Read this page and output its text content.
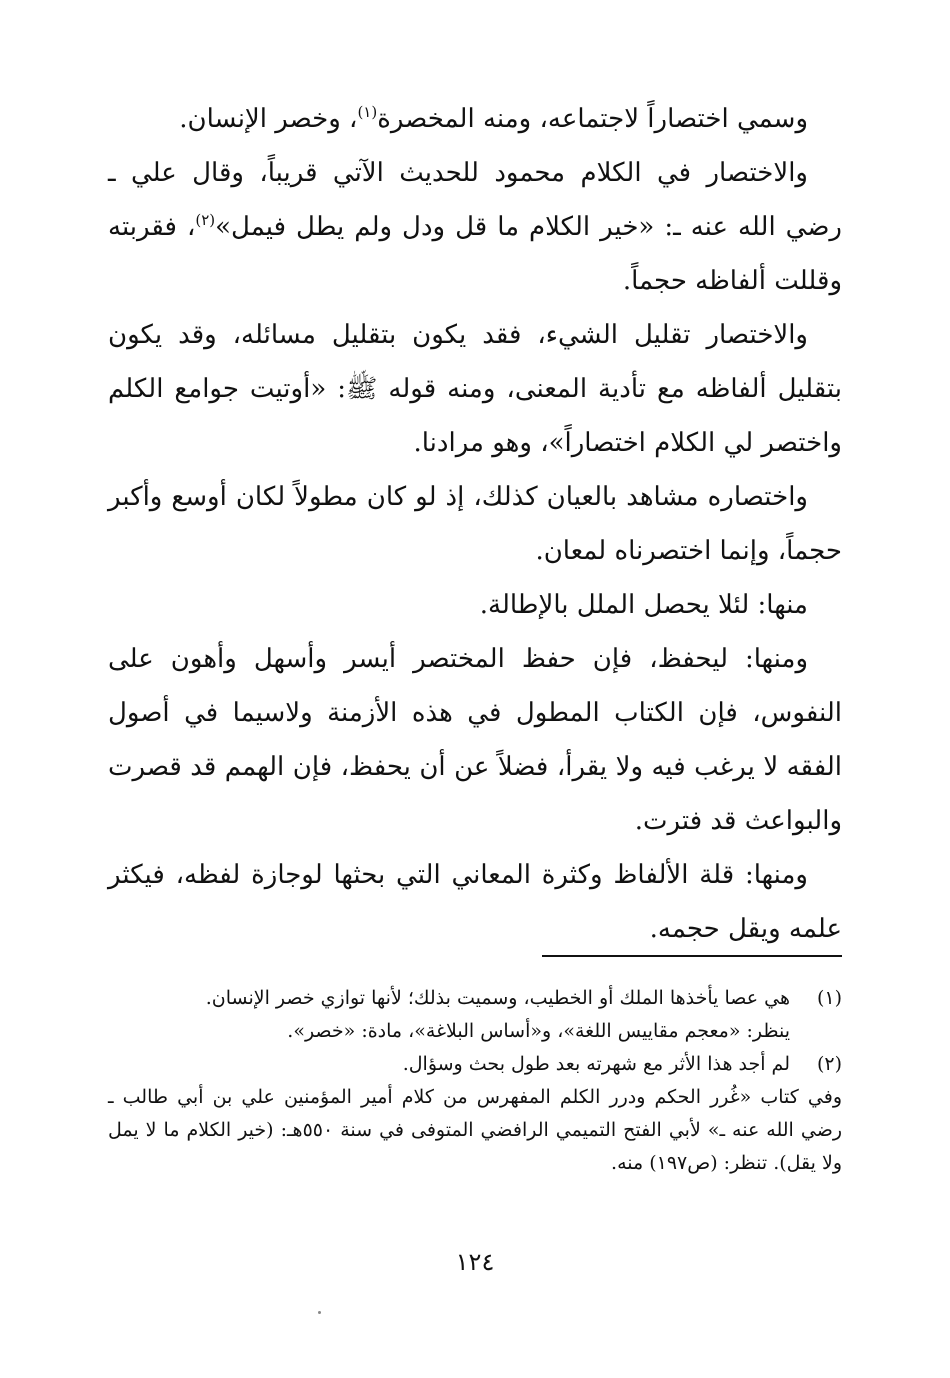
وسمي اختصاراً لاجتماعه، ومنه المخصرة$^{(١)}$، وخصر الإنسان.

والاختصار في الكلام محمود للحديث الآتي قريباً، وقال علي ـ رضي الله عنه ـ: «خير الكلام ما قل ودل ولم يطل فيمل»$^{(٢)}$، فقربته وقللت ألفاظه حجماً.

والاختصار تقليل الشيء، فقد يكون بتقليل مسائله، وقد يكون بتقليل ألفاظه مع تأدية المعنى، ومنه قوله ﷺ: «أوتيت جوامع الكلم واختصر لي الكلام اختصاراً»، وهو مرادنا.

واختصاره مشاهد بالعيان كذلك، إذ لو كان مطولاً لكان أوسع وأكبر حجماً، وإنما اختصرناه لمعان.

منها: لئلا يحصل الملل بالإطالة.

ومنها: ليحفظ، فإن حفظ المختصر أيسر وأسهل وأهون على النفوس، فإن الكتاب المطول في هذه الأزمنة ولاسيما في أصول الفقه لا يرغب فيه ولا يقرأ، فضلاً عن أن يحفظ، فإن الهمم قد قصرت والبواعث قد فترت.

ومنها: قلة الألفاظ وكثرة المعاني التي بحثها لوجازة لفظه، فيكثر علمه ويقل حجمه.

(١)

هي عصا يأخذها الملك أو الخطيب، وسميت بذلك؛ لأنها توازي خصر الإنسان.

ينظر: «معجم مقاييس اللغة»، و«أساس البلاغة»، مادة: «خصر».

(٢)

لم أجد هذا الأثر مع شهرته بعد طول بحث وسؤال.

وفي كتاب «غُرر الحكم ودرر الكلم المفهرس من كلام أمير المؤمنين علي بن أبي طالب ـ رضي الله عنه ـ» لأبي الفتح التميمي الرافضي المتوفى في سنة ٥٥٠هـ: (خير الكلام ما لا يمل ولا يقل). تنظر: (ص١٩٧) منه.

١٢٤
